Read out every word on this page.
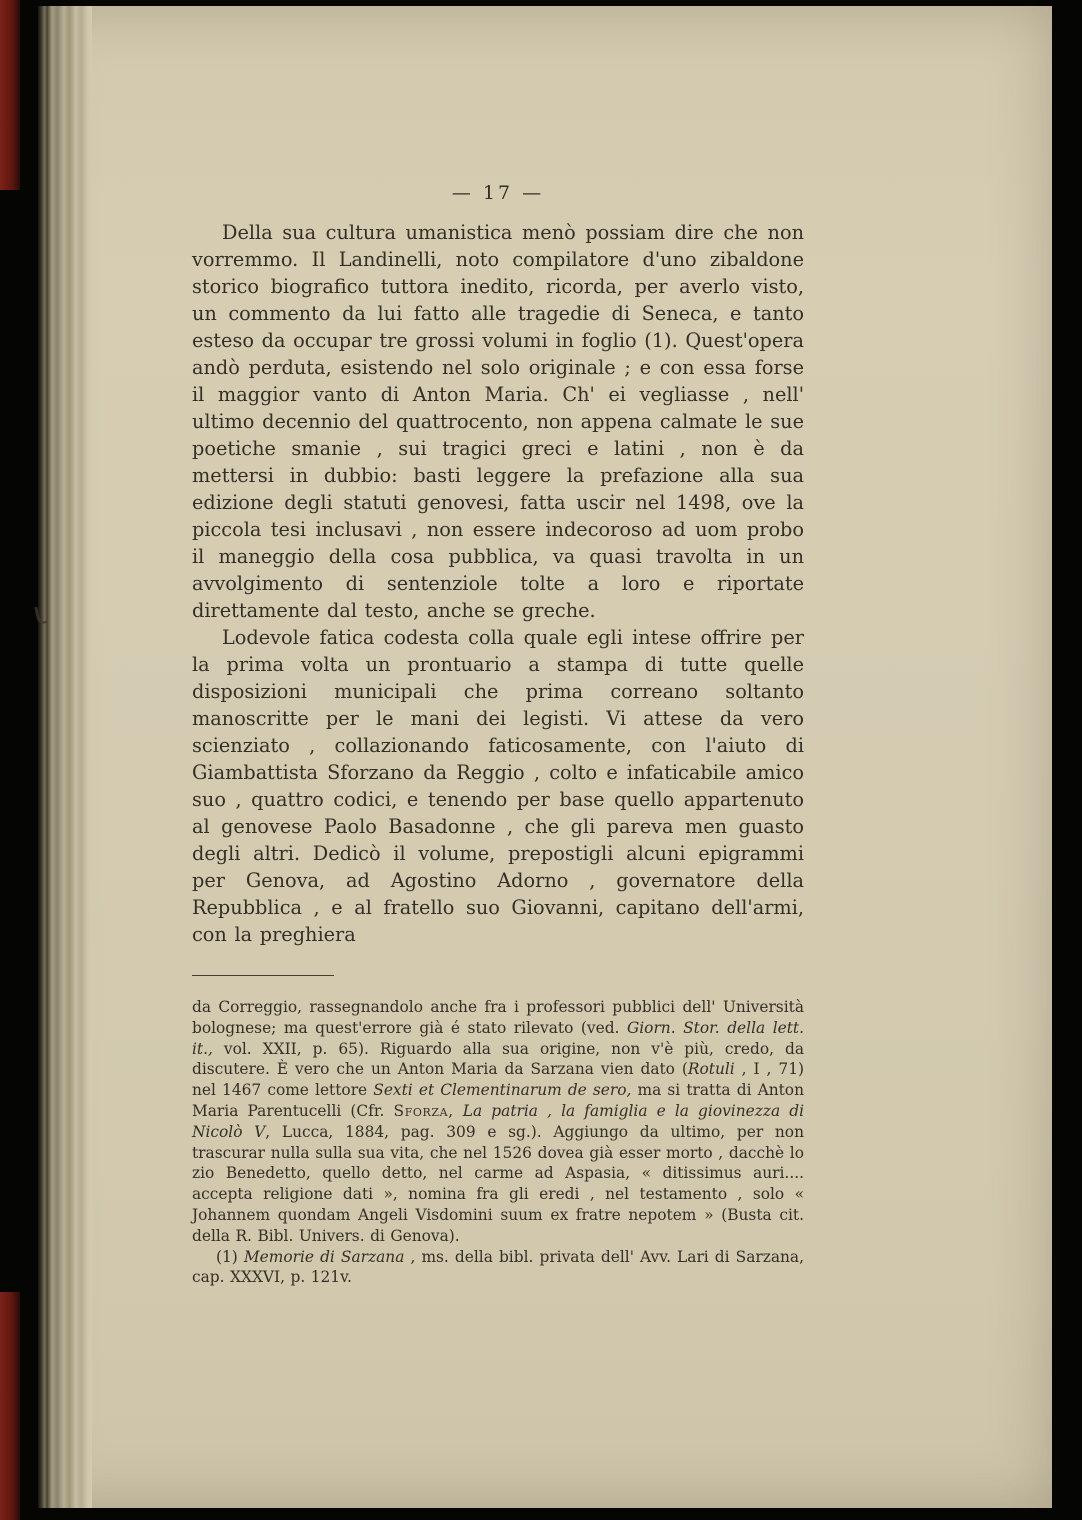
— 17 —

Della sua cultura umanistica menò possiam dire che non vorremmo. Il Landinelli, noto compilatore d'uno zibaldone storico biografico tuttora inedito, ricorda, per averlo visto, un commento da lui fatto alle tragedie di Seneca, e tanto esteso da occupar tre grossi volumi in foglio (1). Quest'opera andò perduta, esistendo nel solo originale ; e con essa forse il maggior vanto di Anton Maria. Ch' ei vegliasse , nell' ultimo decennio del quattrocento, non appena calmate le sue poetiche smanie , sui tragici greci e latini , non è da mettersi in dubbio: basti leggere la prefazione alla sua edizione degli statuti genovesi, fatta uscir nel 1498, ove la piccola tesi inclusavi , non essere indecoroso ad uom probo il maneggio della cosa pubblica, va quasi travolta in un avvolgimento di sentenziole tolte a loro e riportate direttamente dal testo, anche se greche.

Lodevole fatica codesta colla quale egli intese offrire per la prima volta un prontuario a stampa di tutte quelle disposizioni municipali che prima correano soltanto manoscritte per le mani dei legisti. Vi attese da vero scienziato , collazionando faticosamente, con l'aiuto di Giambattista Sforzano da Reggio , colto e infaticabile amico suo , quattro codici, e tenendo per base quello appartenuto al genovese Paolo Basadonne , che gli pareva men guasto degli altri. Dedicò il volume, prepostigli alcuni epigrammi per Genova, ad Agostino Adorno , governatore della Repubblica , e al fratello suo Giovanni, capitano dell'armi, con la preghiera

da Correggio, rassegnandolo anche fra i professori pubblici dell' Università bolognese; ma quest'errore già é stato rilevato (ved. Giorn. Stor. della lett. it., vol. XXII, p. 65). Riguardo alla sua origine, non v'è più, credo, da discutere. È vero che un Anton Maria da Sarzana vien dato (Rotuli , I , 71) nel 1467 come lettore Sexti et Clementinarum de sero, ma si tratta di Anton Maria Parentucelli (Cfr. Sforza, La patria , la famiglia e la giovinezza di Nicolò V, Lucca, 1884, pag. 309 e sg.). Aggiungo da ultimo, per non trascurar nulla sulla sua vita, che nel 1526 dovea già esser morto , dacchè lo zio Benedetto, quello detto, nel carme ad Aspasia, « ditissimus auri.... accepta religione dati », nomina fra gli eredi , nel testamento , solo « Johannem quondam Angeli Visdomini suum ex fratre nepotem » (Busta cit. della R. Bibl. Univers. di Genova).

(1) Memorie di Sarzana , ms. della bibl. privata dell' Avv. Lari di Sarzana, cap. XXXVI, p. 121v.
